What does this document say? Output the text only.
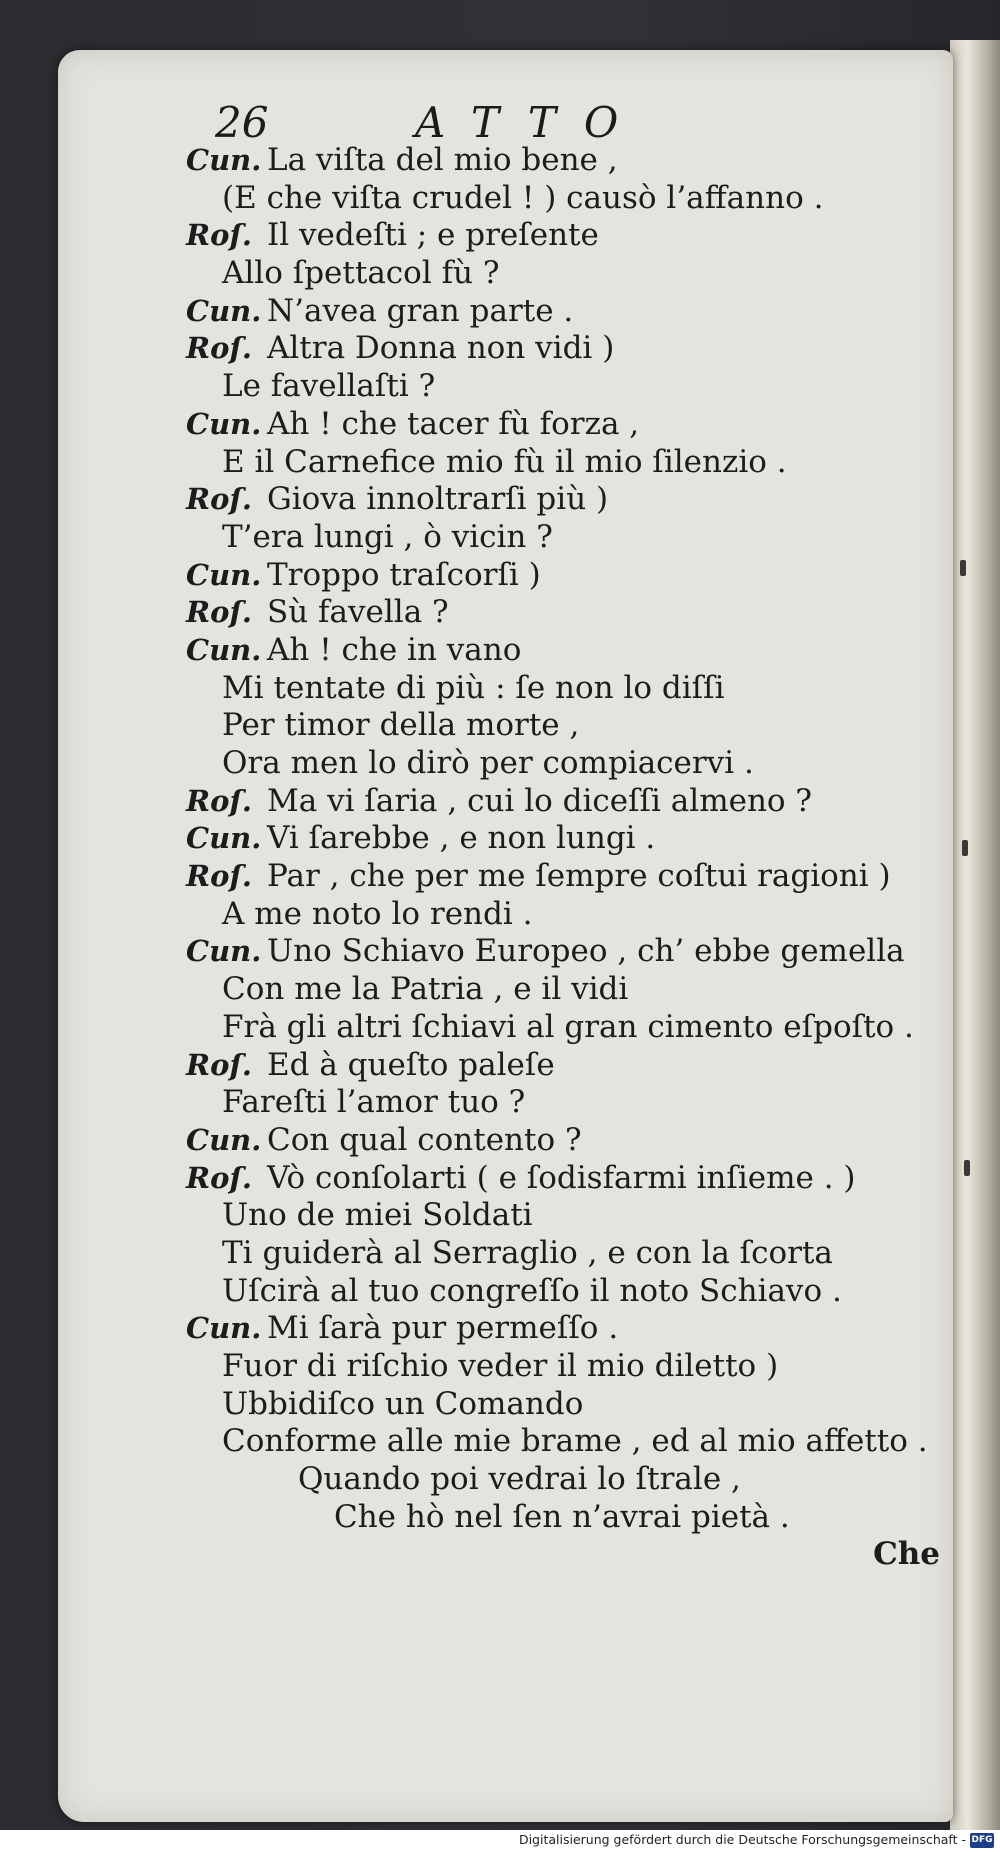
26	ATTO
Cun. La viſta del mio bene ,
(E che viſta crudel ! ) causò l’affanno .
Roſ. Il vedeſti ; e preſente
Allo ſpettacol fù ?
Cun. N’avea gran parte .
Roſ. Altra Donna non vidi )
Le favellaſti ?
Cun. Ah ! che tacer fù forza ,
E il Carnefice mio fù il mio ſilenzio .
Roſ. Giova innoltrarſi più )
T’era lungi , ò vicin ?
Cun. Troppo traſcorſi )
Roſ. Sù favella ?
Cun. Ah ! che in vano
Mi tentate di più : ſe non lo diſſi
Per timor della morte ,
Ora men lo dirò per compiacervi .
Roſ. Ma vi ſaria , cui lo diceſſi almeno ?
Cun. Vi ſarebbe , e non lungi .
Roſ. Par , che per me ſempre coſtui ragioni )
A me noto lo rendi .
Cun. Uno Schiavo Europeo , ch’ ebbe gemella
Con me la Patria , e il vidi
Frà gli altri ſchiavi al gran cimento eſpoſto .
Roſ. Ed à queſto paleſe
Fareſti l’amor tuo ?
Cun. Con qual contento ?
Roſ. Vò conſolarti ( e ſodisfarmi inſieme . )
Uno de miei Soldati
Ti guiderà al Serraglio , e con la ſcorta
Uſcirà al tuo congreſſo il noto Schiavo .
Cun. Mi ſarà pur permeſſo .
Fuor di riſchio veder il mio diletto )
Ubbidiſco un Comando
Conforme alle mie brame , ed al mio affetto .
Quando poi vedrai lo ſtrale ,
Che hò nel ſen n’avrai pietà .
Che
Digitalisierung gefördert durch die Deutsche Forschungsgemeinschaft - DFG
